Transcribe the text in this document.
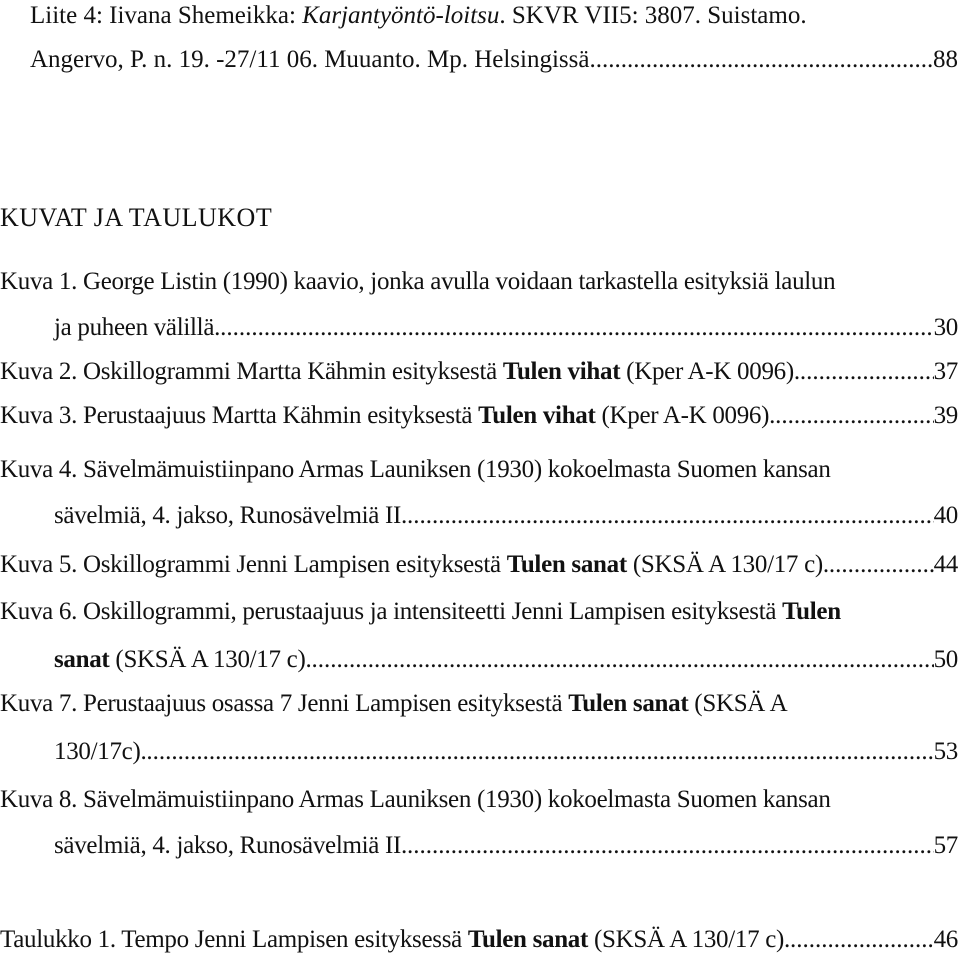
Liite 4: Iivana Shemeikka: Karjantyöntö-loitsu. SKVR VII5: 3807. Suistamo.
Angervo, P. n. 19. -27/11 06. Muuanto. Mp. Helsingissä. .....	88
KUVAT JA TAULUKOT
Kuva 1. George Listin (1990) kaavio, jonka avulla voidaan tarkastella esityksiä laulun
ja puheen välillä. .....	30
Kuva 2. Oskillogrammi Martta Kähmin esityksestä Tulen vihat (Kper A-K 0096). .....	37
Kuva 3. Perustaajuus Martta Kähmin esityksestä Tulen vihat (Kper A-K 0096). .....	39
Kuva 4. Sävelmämuistiinpano Armas Launiksen (1930) kokoelmasta Suomen kansan
sävelmiä, 4. jakso, Runosävelmiä II. .....	40
Kuva 5. Oskillogrammi Jenni Lampisen esityksestä Tulen sanat (SKSÄ A 130/17 c). .....	44
Kuva 6. Oskillogrammi, perustaajuus ja intensiteetti Jenni Lampisen esityksestä Tulen
sanat (SKSÄ A 130/17 c). .....	50
Kuva 7. Perustaajuus osassa 7 Jenni Lampisen esityksestä Tulen sanat (SKSÄ A
130/17c). .....	53
Kuva 8. Sävelmämuistiinpano Armas Launiksen (1930) kokoelmasta Suomen kansan
sävelmiä, 4. jakso, Runosävelmiä II. .....	57
Taulukko 1. Tempo Jenni Lampisen esityksessä Tulen sanat (SKSÄ A 130/17 c). .....	46
